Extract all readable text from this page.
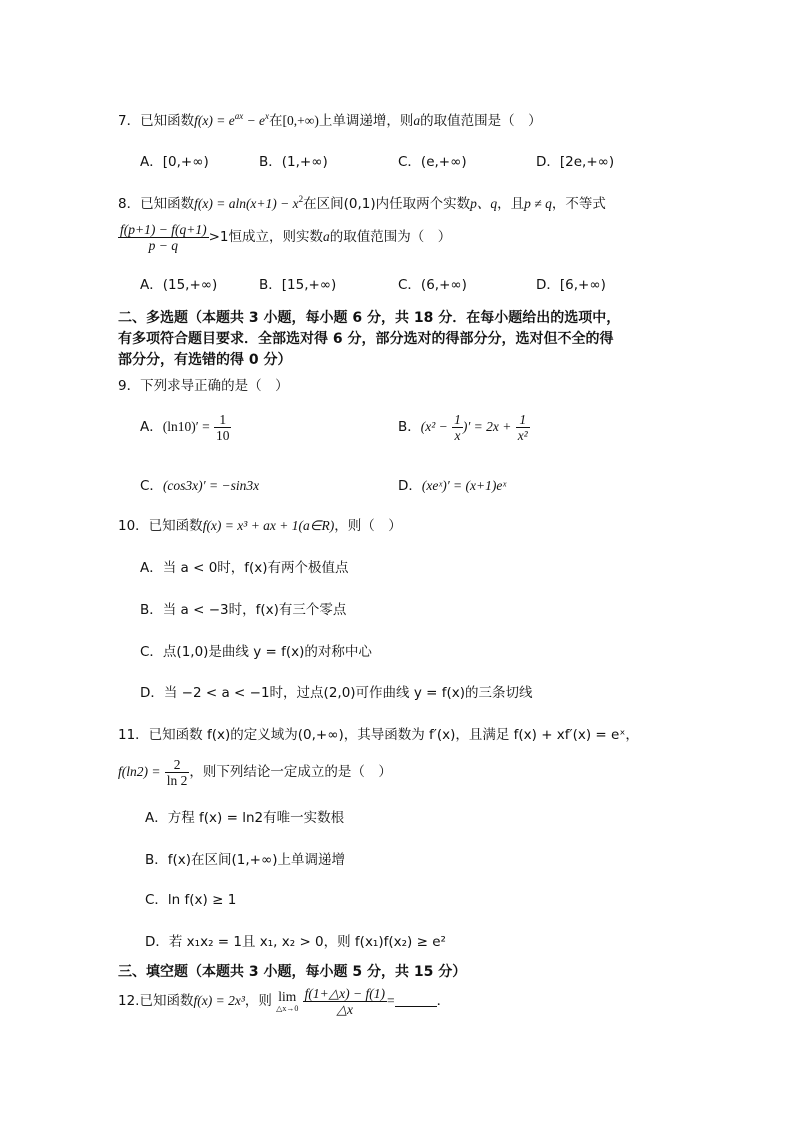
7．已知函数$f(x) = e^{ax} - e^x$在[0,+∞)上单调递增，则a的取值范围是（　）
A．[0,+∞)	B．(1,+∞)	C．(e,+∞)	D．[2e,+∞)
8．已知函数$f(x) = aln(x+1) - x^2$在区间(0,1)内任取两个实数p、q，且p ≠ q，不等式
$\frac{f(p+1) - f(q+1)}{p - q} >1$恒成立，则实数a的取值范围为（　）
A．(15,+∞)	B．[15,+∞)	C．(6,+∞)	D．[6,+∞)
二、多选题（本题共 3 小题，每小题 6 分，共 18 分．在每小题给出的选项中，
有多项符合题目要求．全部选对得 6 分，部分选对的得部分分，选对但不全的得
部分分，有选错的得 0 分）
9．下列求导正确的是（　）
A．$(\ln 10)' = \frac{1}{10}$	B．($x^2 - \frac{1}{x}$ )′ = $2x + \frac{1}{\text{x²}}$
C．(cos3x)′ = −sin3x	D．(xeˣ)′ = (x+1)eˣ
10．已知函数f(x) = x³ + ax + 1(a∈R)，则（　）
A．当 a < 0时，f(x)有两个极值点
B．当 a < −3时，f(x)有三个零点
C．点(1,0)是曲线 y = f(x)的对称中心
D．当 −2 < a < −1时，过点(2,0)可作曲线 y = f(x)的三条切线
11．已知函数 f(x)的定义域为(0,+∞)，其导函数为 f′(x)，且满足 f(x) + xf′(x) = eˣ，
$f(\ln 2) = \frac{2}{\ln 2}$ ，则下列结论一定成立的是（　）
A．方程 f(x) = ln2有唯一实数根
B．f(x)在区间(1,+∞)上单调递增
C．ln f(x) ≥ 1
D．若 x₁x₂ = 1且 x₁, x₂ > 0，则 f(x₁)f(x₂) ≥ e²
三、填空题（本题共 3 小题，每小题 5 分，共 15 分）
12.已知函数f(x) = 2x³，则 lim
△x→0
$\frac{f(1+\triangle x) - f(1)}{\triangle x}$ =	．
